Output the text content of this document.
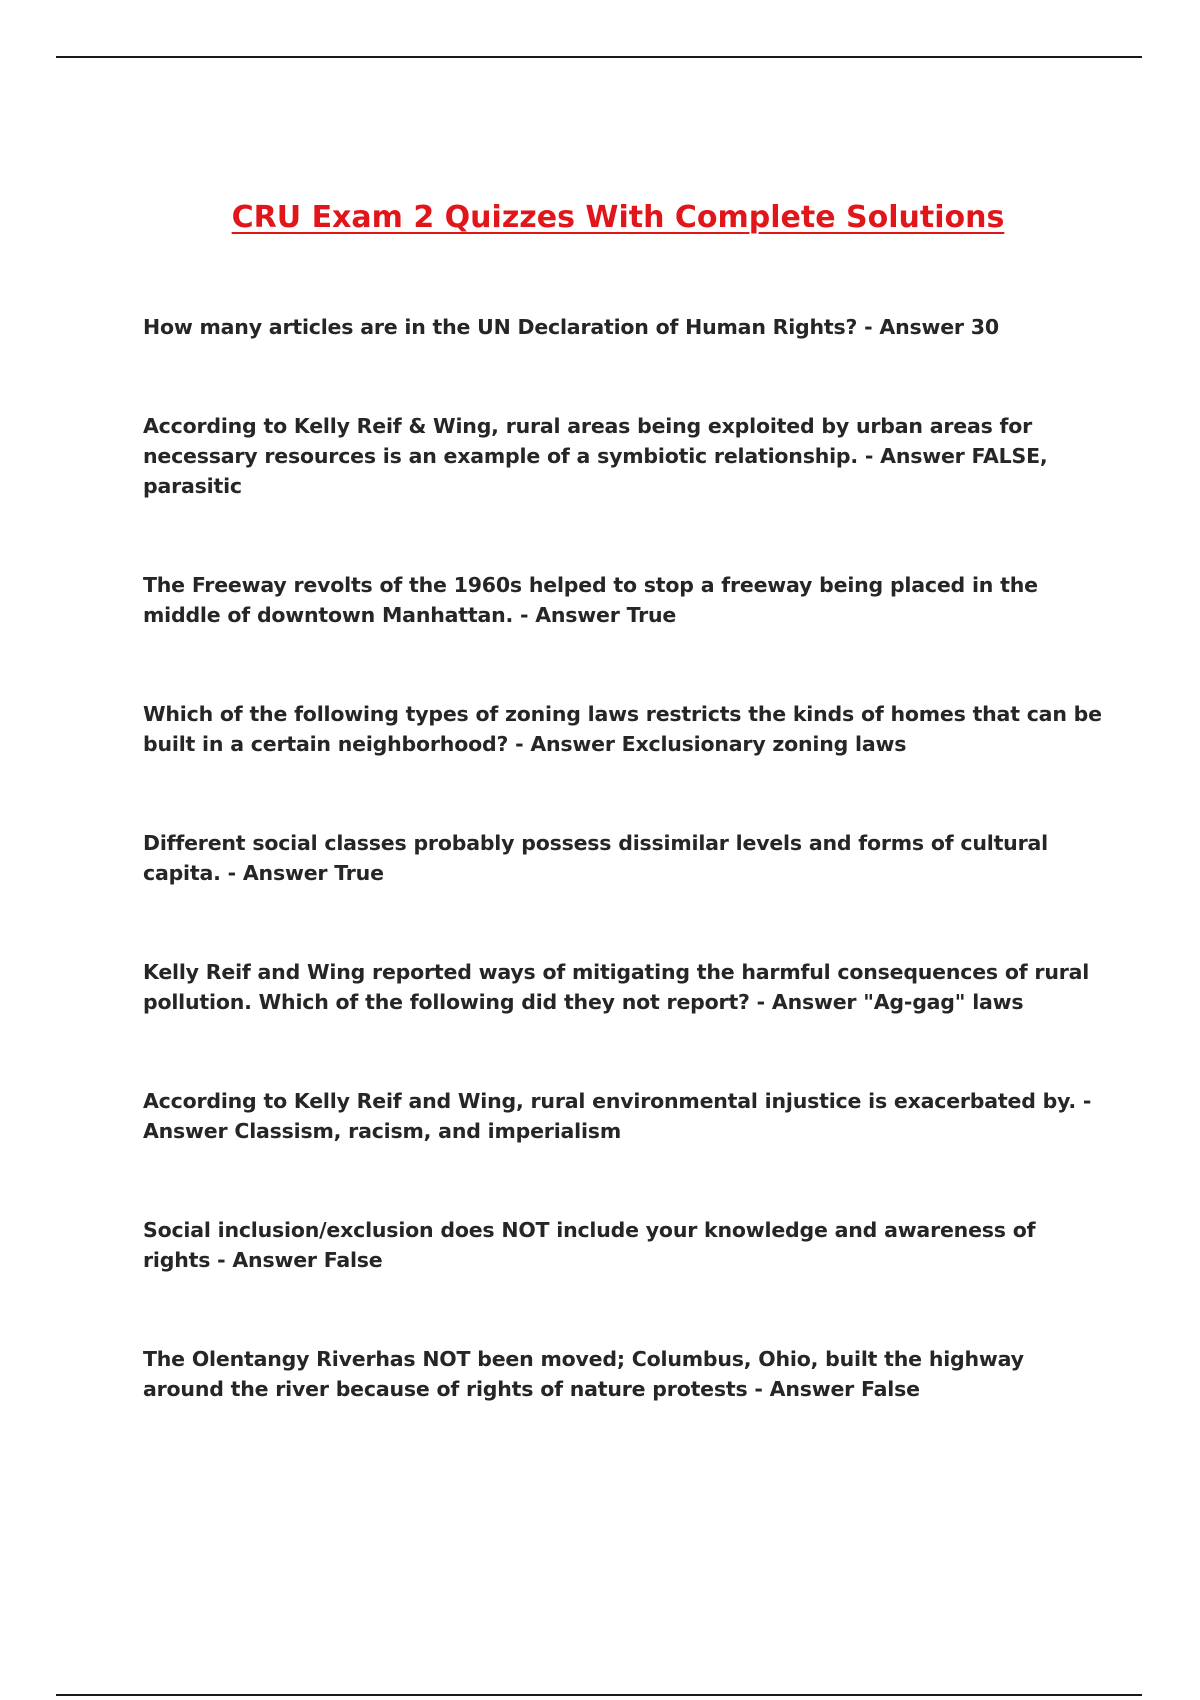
CRU Exam 2 Quizzes With Complete Solutions
How many articles are in the UN Declaration of Human Rights? - Answer 30
According to Kelly Reif & Wing, rural areas being exploited by urban areas for necessary resources is an example of a symbiotic relationship. - Answer FALSE, parasitic
The Freeway revolts of the 1960s helped to stop a freeway being placed in the middle of downtown Manhattan. - Answer True
Which of the following types of zoning laws restricts the kinds of homes that can be built in a certain neighborhood? - Answer Exclusionary zoning laws
Different social classes probably possess dissimilar levels and forms of cultural capita. - Answer True
Kelly Reif and Wing reported ways of mitigating the harmful consequences of rural pollution. Which of the following did they not report? - Answer "Ag-gag" laws
According to Kelly Reif and Wing, rural environmental injustice is exacerbated by. - Answer Classism, racism, and imperialism
Social inclusion/exclusion does NOT include your knowledge and awareness of rights - Answer False
The Olentangy Riverhas NOT been moved; Columbus, Ohio, built the highway around the river because of rights of nature protests - Answer False
